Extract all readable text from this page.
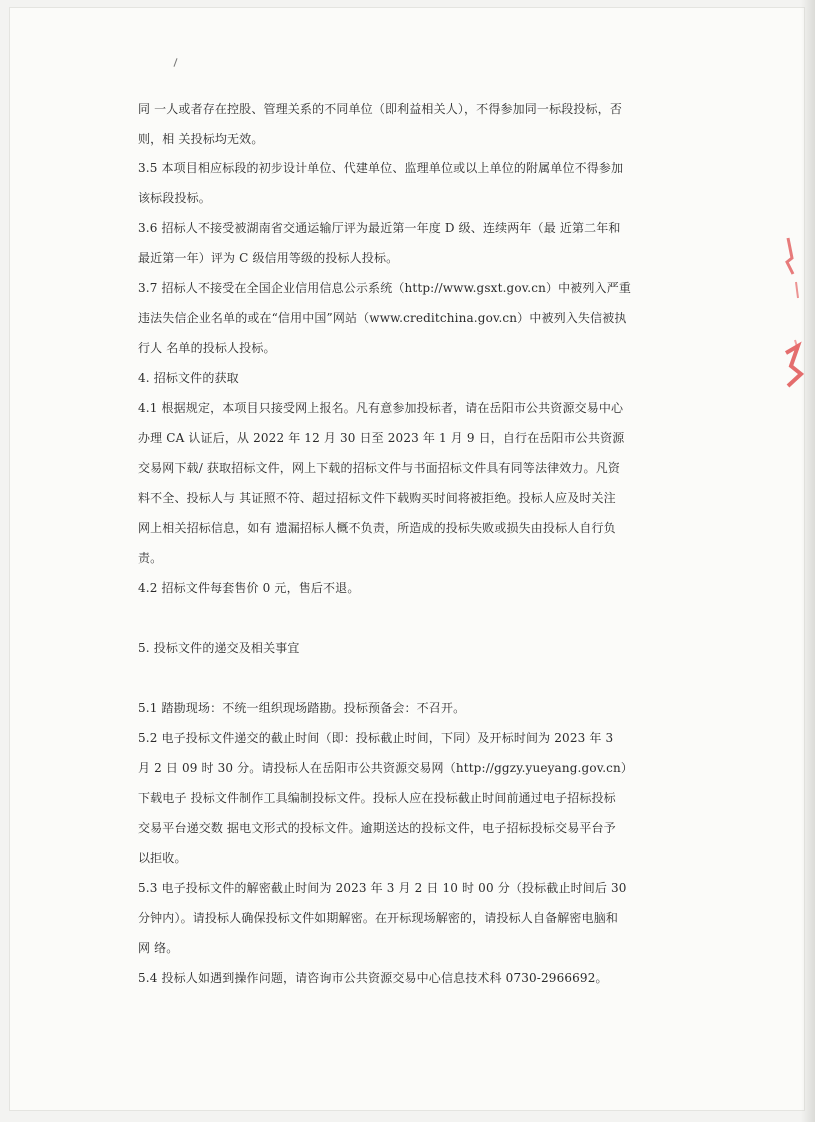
同 一人或者存在控股、管理关系的不同单位（即利益相关人），不得参加同一标段投标，否
则，相 关投标均无效。
3.5 本项目相应标段的初步设计单位、代建单位、监理单位或以上单位的附属单位不得参加
该标段投标。
3.6 招标人不接受被湖南省交通运输厅评为最近第一年度 D 级、连续两年（最 近第二年和
最近第一年）评为 C 级信用等级的投标人投标。
3.7 招标人不接受在全国企业信用信息公示系统（http://www.gsxt.gov.cn）中被列入严重
违法失信企业名单的或在“信用中国”网站（www.creditchina.gov.cn）中被列入失信被执
行人 名单的投标人投标。
4. 招标文件的获取
4.1 根据规定，本项目只接受网上报名。凡有意参加投标者，请在岳阳市公共资源交易中心
办理 CA 认证后，从 2022 年 12 月 30 日至 2023 年 1 月 9 日，自行在岳阳市公共资源
交易网下载/ 获取招标文件，网上下载的招标文件与书面招标文件具有同等法律效力。凡资
料不全、投标人与 其证照不符、超过招标文件下载购买时间将被拒绝。投标人应及时关注
网上相关招标信息，如有 遗漏招标人概不负责，所造成的投标失败或损失由投标人自行负
责。
4.2 招标文件每套售价 0 元，售后不退。
5. 投标文件的递交及相关事宜
5.1 踏勘现场：不统一组织现场踏勘。投标预备会：不召开。
5.2 电子投标文件递交的截止时间（即：投标截止时间，下同）及开标时间为 2023 年 3
月 2 日 09 时 30 分。请投标人在岳阳市公共资源交易网（http://ggzy.yueyang.gov.cn）
下载电子 投标文件制作工具编制投标文件。投标人应在投标截止时间前通过电子招标投标
交易平台递交数 据电文形式的投标文件。逾期送达的投标文件，电子招标投标交易平台予
以拒收。
5.3 电子投标文件的解密截止时间为 2023 年 3 月 2 日 10 时 00 分（投标截止时间后 30
分钟内）。请投标人确保投标文件如期解密。在开标现场解密的，请投标人自备解密电脑和
网 络。
5.4 投标人如遇到操作问题，请咨询市公共资源交易中心信息技术科 0730-2966692。
